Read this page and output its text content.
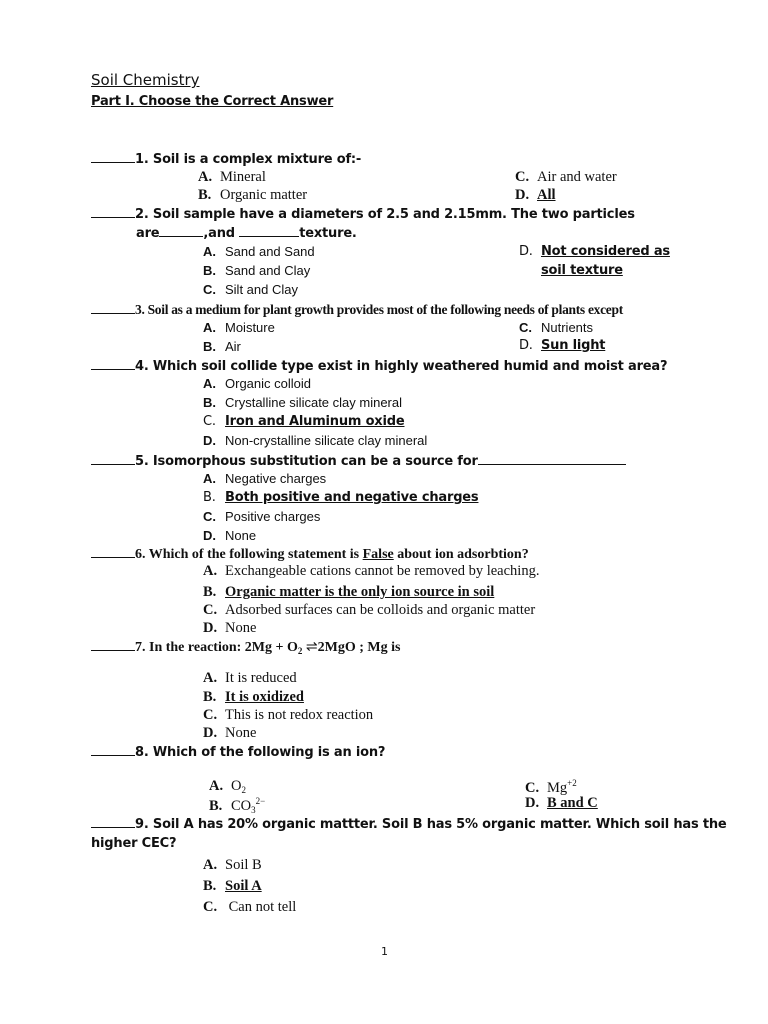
Soil Chemistry
Part I. Choose the Correct Answer
1. Soil is a complex mixture of:-
A. Mineral
B. Organic matter
C. Air and water
D. All
2. Soil sample have a diameters of 2.5 and 2.15mm. The two particles
are	,and	texture.
A. Sand and Sand
B. Sand and Clay
C. Silt and Clay
D. Not considered as
soil texture
3. Soil as a medium for plant growth provides most of the following needs of plants except
A. Moisture
B. Air
C. Nutrients
D. Sun light
4. Which soil collide type exist in highly weathered humid and moist area?
A. Organic colloid
B. Crystalline silicate clay mineral
C. Iron and Aluminum oxide
D. Non-crystalline silicate clay mineral
5. Isomorphous substitution can be a source for
A. Negative charges
B. Both positive and negative charges
C. Positive charges
D. None
6. Which of the following statement is False about ion adsorbtion?
A. Exchangeable cations cannot be removed by leaching.
B. Organic matter is the only ion source in soil
C. Adsorbed surfaces can be colloids and organic matter
D. None
7. In the reaction: $2Mg + O_2$ ⇌2MgO ; Mg is
A. It is reduced
B. It is oxidized
C. This is not redox reaction
D. None
8. Which of the following is an ion?
A. $O_2$
B. $CO_3^{2-}$
C. $Mg^{+2}$
D. B and C
9. Soil A has 20% organic mattter. Soil B has 5% organic matter. Which soil has the
higher CEC?
A. Soil B
B. Soil A
C. Can not tell
1
